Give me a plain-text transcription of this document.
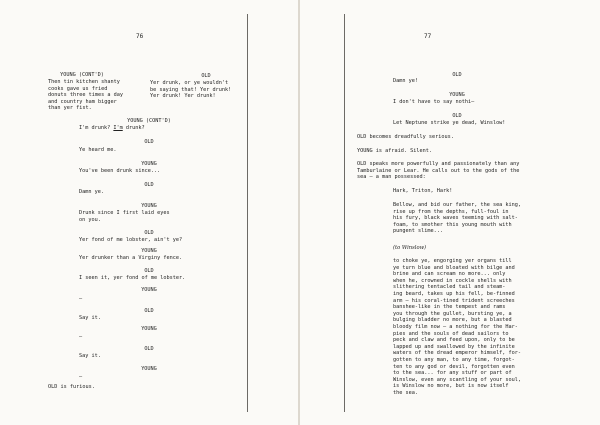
76
YOUNG (CONT'D)
Then tin kitchen shanty
cooks gave us fried
donuts three times a day
and country ham bigger
than yer fist.
OLD
Yer drunk, or ye wouldn't
be saying that! Yer drunk!
Yer drunk! Yer drunk!
YOUNG (CONT'D)
I'm drunk? I'm drunk?
OLD
Ye heard me.
YOUNG
You've been drunk since...
OLD
Damn ye.
YOUNG
Drunk since I first laid eyes
on you.
OLD
Yer fond of me lobster, ain't ye?
YOUNG
Yer drunker than a Virginy fence.
OLD
I seen it, yer fond of me lobster.
YOUNG
–
OLD
Say it.
YOUNG
–
OLD
Say it.
YOUNG
–
OLD is furious.
77
OLD
Damn ye!
YOUNG
I don't have to say nothi–
OLD
Let Neptune strike ye dead, Winslow!
OLD becomes dreadfully serious.
YOUNG is afraid. Silent.
OLD speaks more powerfully and passionately than any
Tamburlaine or Lear. He calls out to the gods of the
sea – a man possessed:
Hark, Triton, Hark!
Bellow, and bid our father, the sea king,
rise up from the depths, full-foul in
his fury, black waves teeming with salt-
foam, to smother this young mouth with
pungent slime...
(to Winslow)
to choke ye, engorging yer organs till
ye turn blue and bloated with bilge and
brine and can scream no more... only
when he, crowned in cockle shells with
slithering tentacled tail and steam-
ing beard, takes up his fell, be-finned
arm – his coral-tined trident screeches
banshee-like in the tempest and rams
you through the gullet, bursting ye, a
bulging bladder no more, but a blasted
bloody film now – a nothing for the Har-
pies and the souls of dead sailors to
peck and claw and feed upon, only to be
lapped up and swallowed by the infinite
waters of the dread emperor himself, for-
gotten to any man, to any time, forgot-
ten to any god or devil, forgotten even
to the sea... for any stuff or part of
Winslow, even any scantling of your soul,
is Winslow no more, but is now itself
the sea.
